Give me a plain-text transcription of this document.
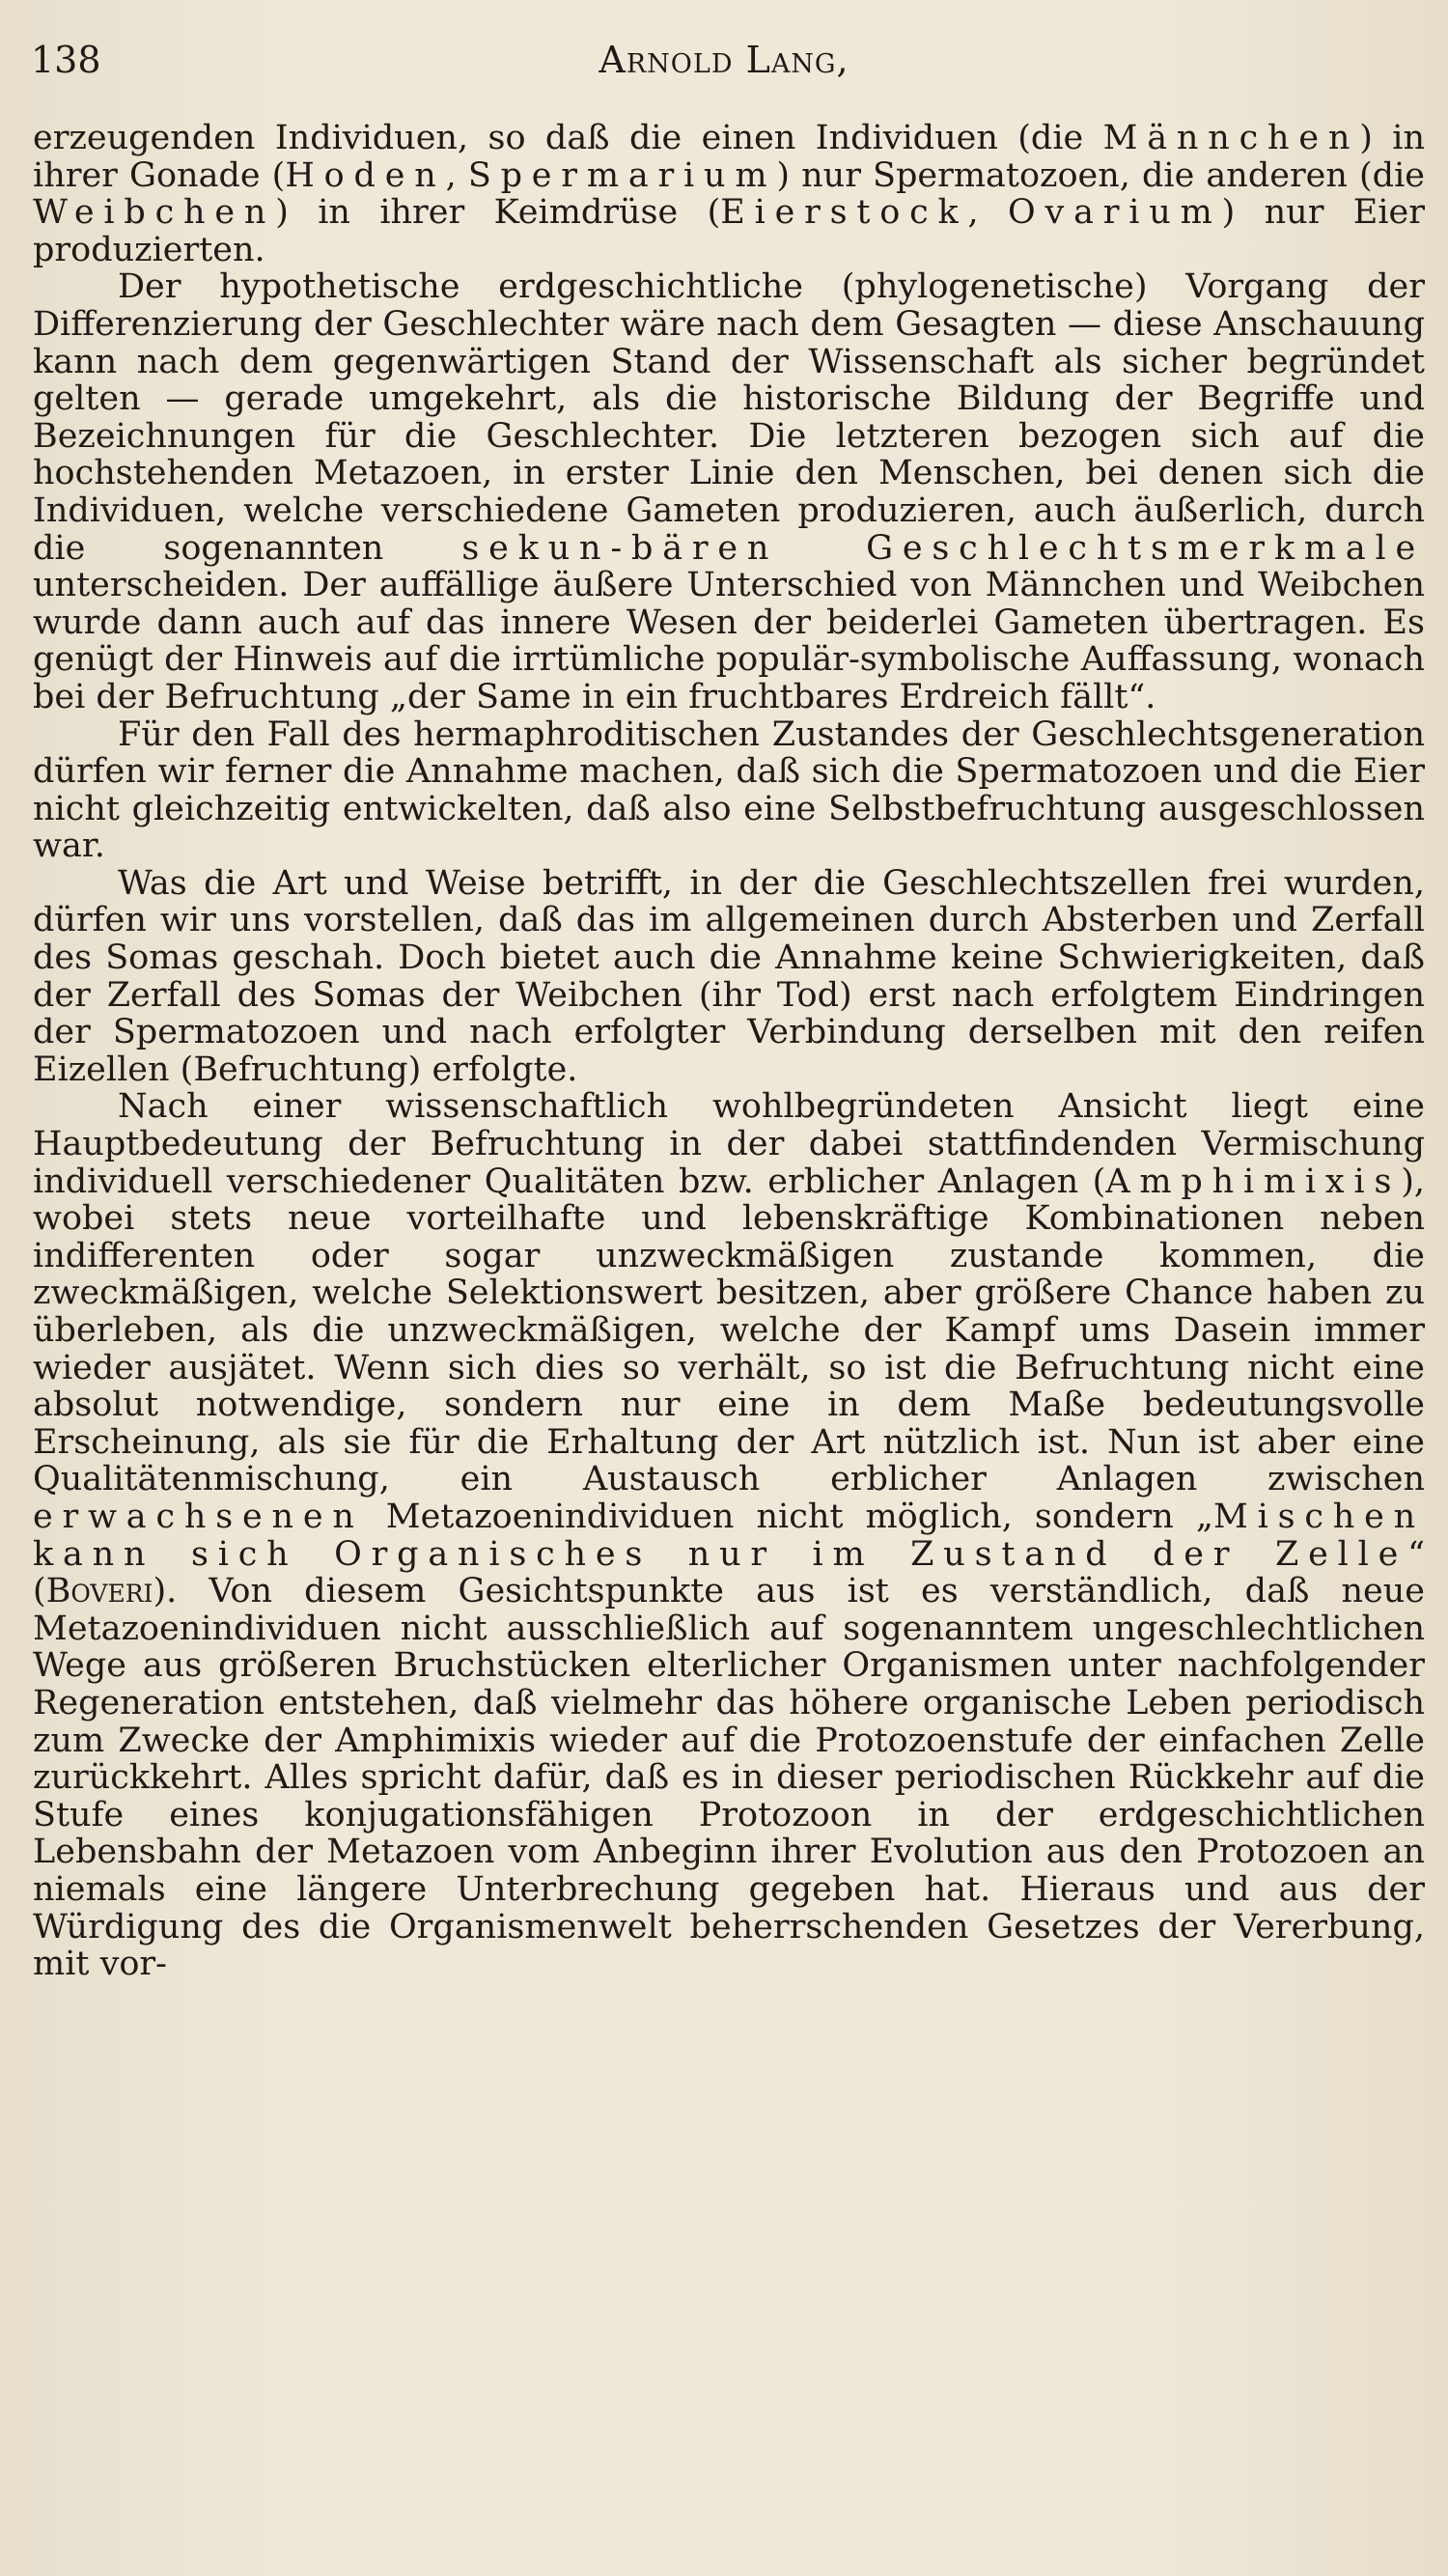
138	Arnold Lang,

erzeugenden Individuen, so daß die einen Individuen (die Männchen) in ihrer Gonade (Hoden, Spermarium) nur Spermatozoen, die anderen (die Weibchen) in ihrer Keimdrüse (Eierstock, Ovarium) nur Eier produzierten.

Der hypothetische erdgeschichtliche (phylogenetische) Vorgang der Differenzierung der Geschlechter wäre nach dem Gesagten — diese Anschauung kann nach dem gegenwärtigen Stand der Wissenschaft als sicher begründet gelten — gerade umgekehrt, als die historische Bildung der Begriffe und Bezeichnungen für die Geschlechter. Die letzteren bezogen sich auf die hochstehenden Metazoen, in erster Linie den Menschen, bei denen sich die Individuen, welche verschiedene Gameten produzieren, auch äußerlich, durch die sogenannten sekun-bären Geschlechtsmerkmale unterscheiden. Der auffällige äußere Unterschied von Männchen und Weibchen wurde dann auch auf das innere Wesen der beiderlei Gameten übertragen. Es genügt der Hinweis auf die irrtümliche populär-symbolische Auffassung, wonach bei der Befruchtung „der Same in ein fruchtbares Erdreich fällt“.

Für den Fall des hermaphroditischen Zustandes der Geschlechtsgeneration dürfen wir ferner die Annahme machen, daß sich die Spermatozoen und die Eier nicht gleichzeitig entwickelten, daß also eine Selbstbefruchtung ausgeschlossen war.

Was die Art und Weise betrifft, in der die Geschlechtszellen frei wurden, dürfen wir uns vorstellen, daß das im allgemeinen durch Absterben und Zerfall des Somas geschah. Doch bietet auch die Annahme keine Schwierigkeiten, daß der Zerfall des Somas der Weibchen (ihr Tod) erst nach erfolgtem Eindringen der Spermatozoen und nach erfolgter Verbindung derselben mit den reifen Eizellen (Befruchtung) erfolgte.

Nach einer wissenschaftlich wohlbegründeten Ansicht liegt eine Hauptbedeutung der Befruchtung in der dabei stattfindenden Vermischung individuell verschiedener Qualitäten bzw. erblicher Anlagen (Amphimixis), wobei stets neue vorteilhafte und lebenskräftige Kombinationen neben indifferenten oder sogar unzweckmäßigen zustande kommen, die zweckmäßigen, welche Selektionswert besitzen, aber größere Chance haben zu überleben, als die unzweckmäßigen, welche der Kampf ums Dasein immer wieder ausjätet. Wenn sich dies so verhält, so ist die Befruchtung nicht eine absolut notwendige, sondern nur eine in dem Maße bedeutungsvolle Erscheinung, als sie für die Erhaltung der Art nützlich ist. Nun ist aber eine Qualitätenmischung, ein Austausch erblicher Anlagen zwischen erwachsenen Metazoenindividuen nicht möglich, sondern „Mischen kann sich Organisches nur im Zustand der Zelle“ (Boveri). Von diesem Gesichtspunkte aus ist es verständlich, daß neue Metazoenindividuen nicht ausschließlich auf sogenanntem ungeschlechtlichen Wege aus größeren Bruchstücken elterlicher Organismen unter nachfolgender Regeneration entstehen, daß vielmehr das höhere organische Leben periodisch zum Zwecke der Amphimixis wieder auf die Protozoenstufe der einfachen Zelle zurückkehrt. Alles spricht dafür, daß es in dieser periodischen Rückkehr auf die Stufe eines konjugationsfähigen Protozoon in der erdgeschichtlichen Lebensbahn der Metazoen vom Anbeginn ihrer Evolution aus den Protozoen an niemals eine längere Unterbrechung gegeben hat. Hieraus und aus der Würdigung des die Organismenwelt beherrschenden Gesetzes der Vererbung, mit vor-
